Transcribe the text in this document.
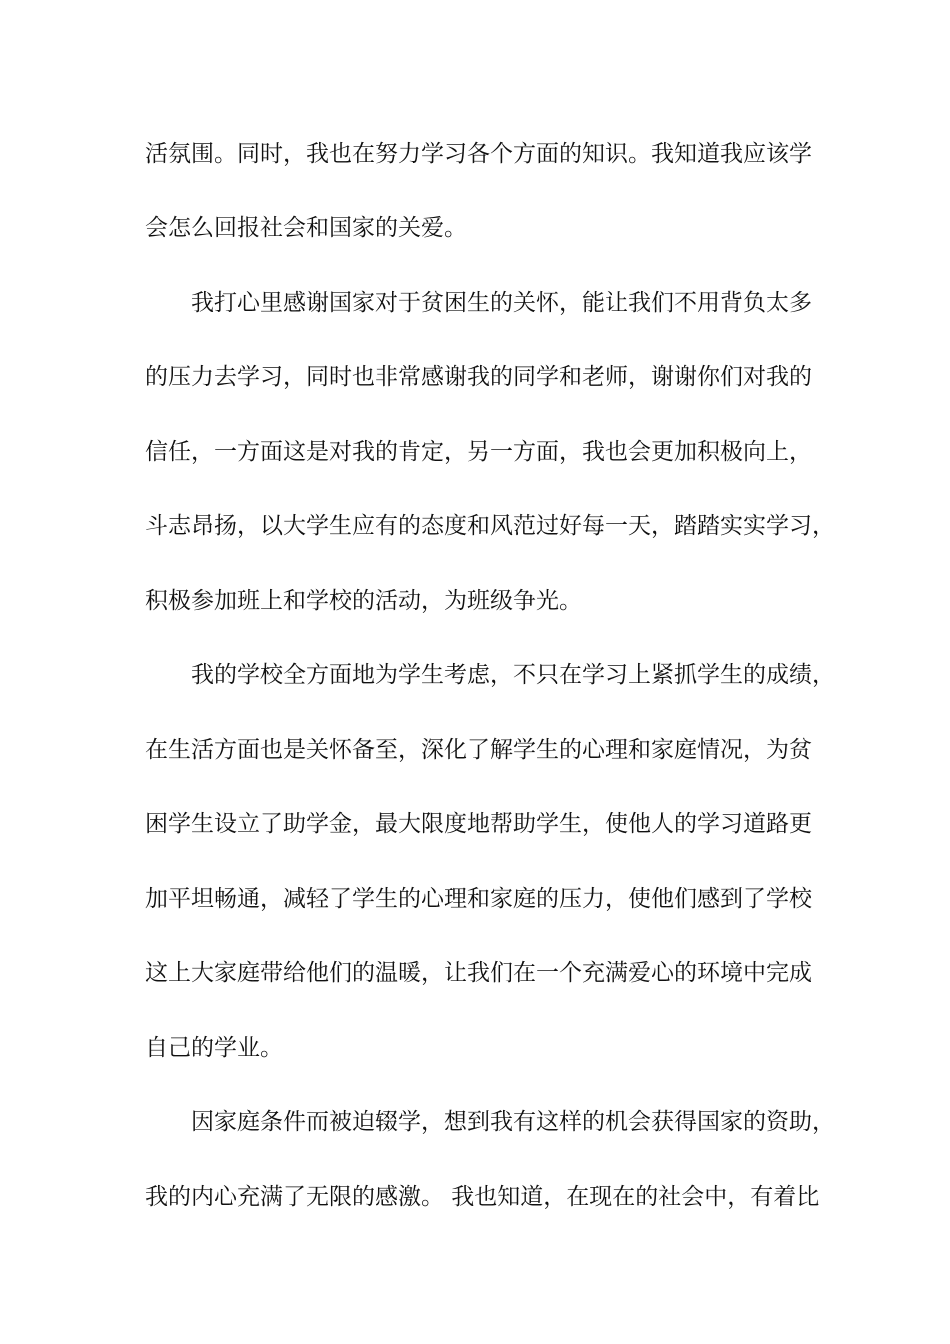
活氛围。同时，我也在努力学习各个方面的知识。我知道我应该学
会怎么回报社会和国家的关爱。
我打心里感谢国家对于贫困生的关怀，能让我们不用背负太多
的压力去学习，同时也非常感谢我的同学和老师，谢谢你们对我的
信任，一方面这是对我的肯定，另一方面，我也会更加积极向上，
斗志昂扬，以大学生应有的态度和风范过好每一天，踏踏实实学习，
积极参加班上和学校的活动，为班级争光。
我的学校全方面地为学生考虑，不只在学习上紧抓学生的成绩，
在生活方面也是关怀备至，深化了解学生的心理和家庭情况，为贫
困学生设立了助学金，最大限度地帮助学生，使他人的学习道路更
加平坦畅通，减轻了学生的心理和家庭的压力，使他们感到了学校
这上大家庭带给他们的温暖，让我们在一个充满爱心的环境中完成
自己的学业。
因家庭条件而被迫辍学，想到我有这样的机会获得国家的资助，
我的内心充满了无限的感激。 我也知道，在现在的社会中，有着比
